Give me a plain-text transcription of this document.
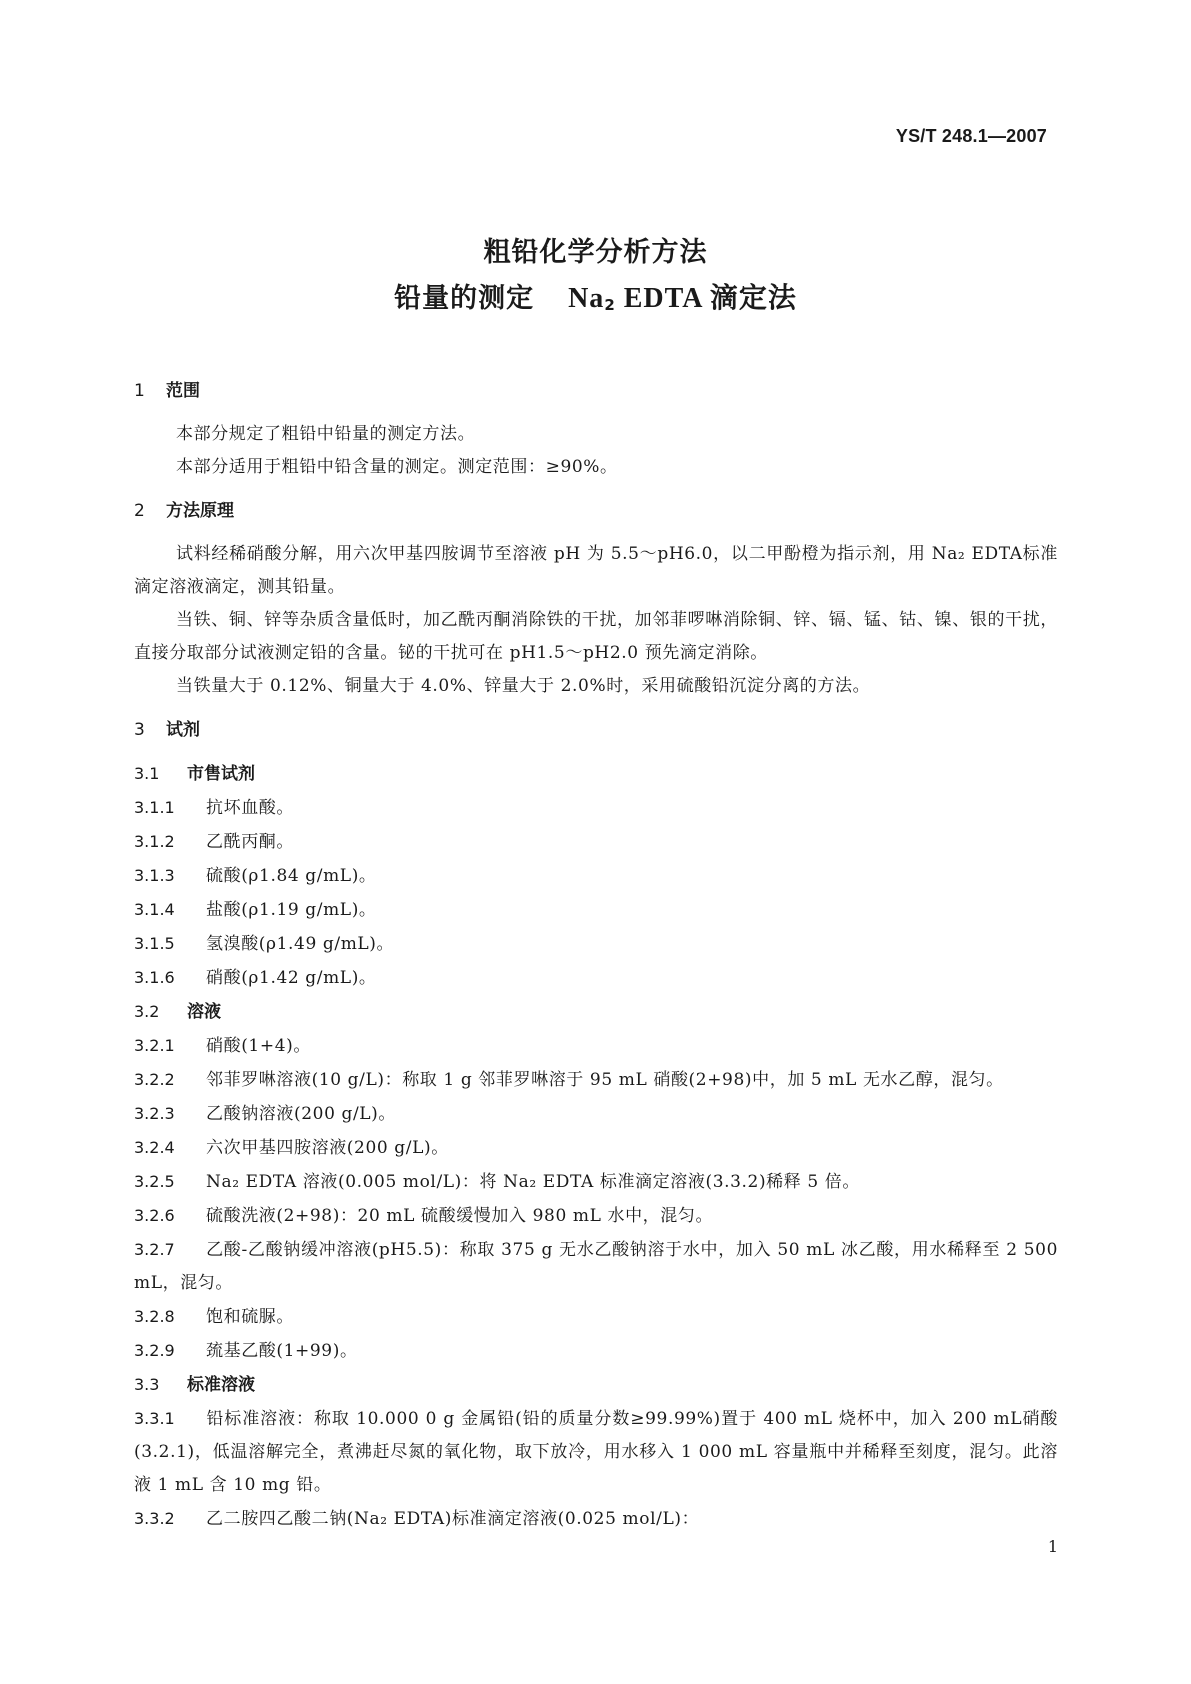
YS/T 248.1—2007
粗铅化学分析方法
铅量的测定 $Na_2$ EDTA 滴定法
1 范围
本部分规定了粗铅中铅量的测定方法。
本部分适用于粗铅中铅含量的测定。测定范围：≥90%。
2 方法原理
试料经稀硝酸分解，用六次甲基四胺调节至溶液 pH 为 5.5～pH6.0，以二甲酚橙为指示剂，用 Na₂ EDTA标准滴定溶液滴定，测其铅量。
当铁、铜、锌等杂质含量低时，加乙酰丙酮消除铁的干扰，加邻菲啰啉消除铜、锌、镉、锰、钴、镍、银的干扰，直接分取部分试液测定铅的含量。铋的干扰可在 pH1.5～pH2.0 预先滴定消除。
当铁量大于 0.12%、铜量大于 4.0%、锌量大于 2.0%时，采用硫酸铅沉淀分离的方法。
3 试剂
3.1 市售试剂
3.1.1 抗坏血酸。
3.1.2 乙酰丙酮。
3.1.3 硫酸(ρ1.84 g/mL)。
3.1.4 盐酸(ρ1.19 g/mL)。
3.1.5 氢溴酸(ρ1.49 g/mL)。
3.1.6 硝酸(ρ1.42 g/mL)。
3.2 溶液
3.2.1 硝酸(1+4)。
3.2.2 邻菲罗啉溶液(10 g/L)：称取 1 g 邻菲罗啉溶于 95 mL 硝酸(2+98)中，加 5 mL 无水乙醇，混匀。
3.2.3 乙酸钠溶液(200 g/L)。
3.2.4 六次甲基四胺溶液(200 g/L)。
3.2.5 Na₂ EDTA 溶液(0.005 mol/L)：将 Na₂ EDTA 标准滴定溶液(3.3.2)稀释 5 倍。
3.2.6 硫酸洗液(2+98)：20 mL 硫酸缓慢加入 980 mL 水中，混匀。
3.2.7 乙酸-乙酸钠缓冲溶液(pH5.5)：称取 375 g 无水乙酸钠溶于水中，加入 50 mL 冰乙酸，用水稀释至 2 500 mL，混匀。
3.2.8 饱和硫脲。
3.2.9 巯基乙酸(1+99)。
3.3 标准溶液
3.3.1 铅标准溶液：称取 10.000 0 g 金属铅(铅的质量分数≥99.99%)置于 400 mL 烧杯中，加入 200 mL硝酸(3.2.1)，低温溶解完全，煮沸赶尽氮的氧化物，取下放冷，用水移入 1 000 mL 容量瓶中并稀释至刻度，混匀。此溶液 1 mL 含 10 mg 铅。
3.3.2 乙二胺四乙酸二钠(Na₂ EDTA)标准滴定溶液(0.025 mol/L)：
1
